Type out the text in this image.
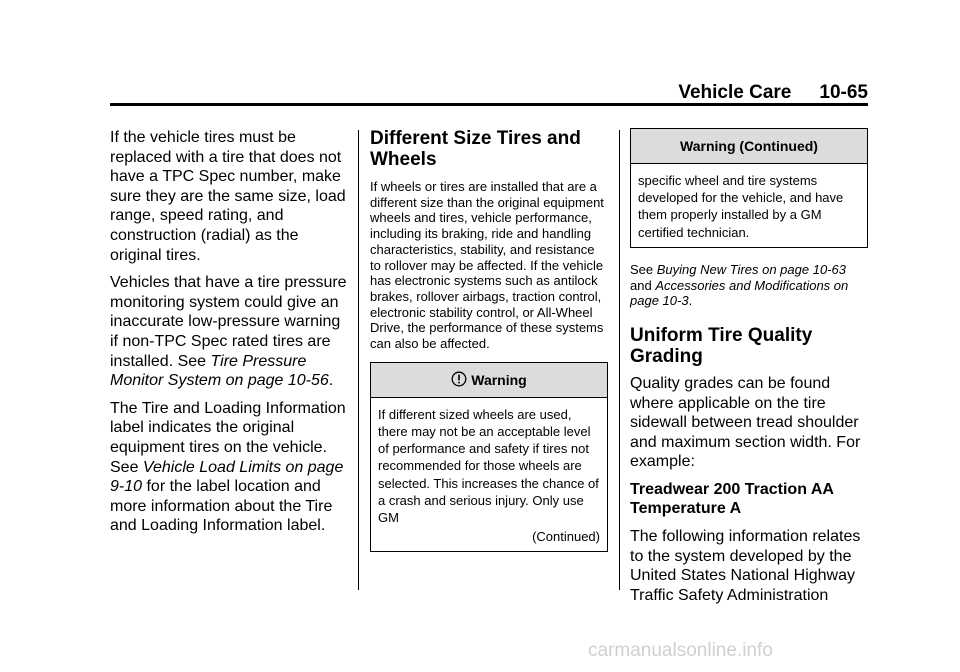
Vehicle Care 10-65

If the vehicle tires must be replaced with a tire that does not have a TPC Spec number, make sure they are the same size, load range, speed rating, and construction (radial) as the original tires.

Vehicles that have a tire pressure monitoring system could give an inaccurate low-pressure warning if non-TPC Spec rated tires are installed. See Tire Pressure Monitor System on page 10-56.

The Tire and Loading Information label indicates the original equipment tires on the vehicle. See Vehicle Load Limits on page 9-10 for the label location and more information about the Tire and Loading Information label.

Different Size Tires and Wheels

If wheels or tires are installed that are a different size than the original equipment wheels and tires, vehicle performance, including its braking, ride and handling characteristics, stability, and resistance to rollover may be affected. If the vehicle has electronic systems such as antilock brakes, rollover airbags, traction control, electronic stability control, or All-Wheel Drive, the performance of these systems can also be affected.

Warning

If different sized wheels are used, there may not be an acceptable level of performance and safety if tires not recommended for those wheels are selected. This increases the chance of a crash and serious injury. Only use GM

(Continued)

Warning (Continued)

specific wheel and tire systems developed for the vehicle, and have them properly installed by a GM certified technician.

See Buying New Tires on page 10-63 and Accessories and Modifications on page 10-3.

Uniform Tire Quality Grading

Quality grades can be found where applicable on the tire sidewall between tread shoulder and maximum section width. For example:

Treadwear 200 Traction AA Temperature A

The following information relates to the system developed by the United States National Highway Traffic Safety Administration

carmanualsonline.info
